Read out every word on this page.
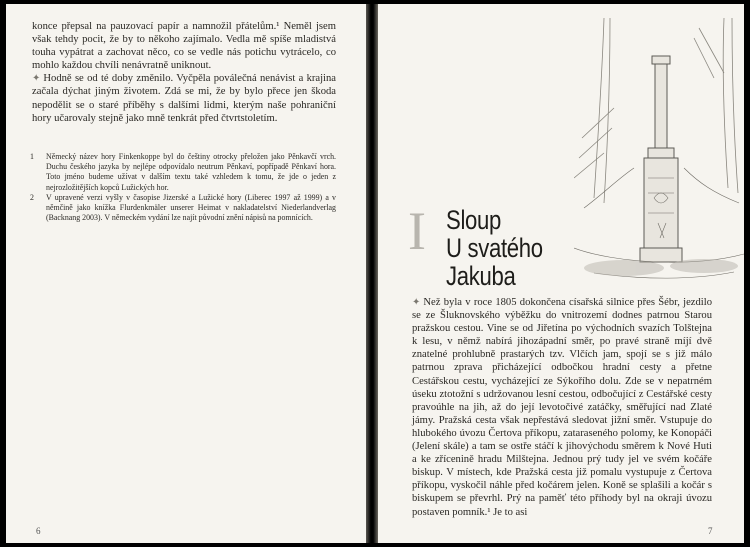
konce přepsal na pauzovací papír a namnožil přátelům.¹ Neměl jsem však tehdy pocit, že by to někoho zajímalo. Vedla mě spíše mladistvá touha vypátrat a zachovat něco, co se vedle nás potichu vytrácelo, co mohlo každou chvíli nenávratně uniknout.

✦ Hodně se od té doby změnilo. Vyčpěla poválečná nenávist a krajina začala dýchat jiným životem. Zdá se mi, že by bylo přece jen škoda nepodělit se o staré příběhy s dalšími lidmi, kterým naše pohraniční hory učarovaly stejně jako mně tenkrát před čtvrtstoletím.

1	Německý název hory Finkenkoppe byl do češtiny otrocky přeložen jako Pěnkavčí vrch. Duchu českého jazyka by nejlépe odpovídalo neutrum Pěnkaví, popřípadě Pěnkaví hora. Toto jméno budeme užívat v dalším textu také vzhledem k tomu, že jde o jeden z nejrozložitějších kopců Lužických hor.
2	V upravené verzi vyšly v časopise Jizerské a Lužické hory (Liberec 1997 až 1999) a v němčině jako knížka Flurdenkmäler unserer Heimat v nakladatelství Niederlandverlag (Backnang 2003). V německém vydání lze najít původní znění nápisů na pomnících.
6
I Sloup
U svatého
Jakuba

✦ Než byla v roce 1805 dokončena císařská silnice přes Šébr, jezdilo se ze Šluknovského výběžku do vnitrozemí dodnes patrnou Starou pražskou cestou. Vine se od Jiřetína po východních svazích Tolštejna k lesu, v němž nabírá jihozápadní směr, po pravé straně míjí dvě znatelné prohlubně prastarých tzv. Vlčích jam, spojí se s již málo patrnou zprava přicházející odbočkou hradní cesty a přetne Cestářskou cestu, vycházející ze Sýkořího dolu. Zde se v nepatrném úseku ztotožní s udržovanou lesní cestou, odbočující z Cestářské cesty pravoúhle na jih, až do její levotočivé zatáčky, směřující nad Zlaté jámy. Pražská cesta však nepřestává sledovat jižní směr. Vstupuje do hlubokého úvozu Čertova příkopu, zataraseného polomy, ke Konopáči (Jelení skále) a tam se ostře stáčí k jihovýchodu směrem k Nové Huti a ke zřícenině hradu Milštejna. Jednou prý tudy jel ve svém kočáře biskup. V místech, kde Pražská cesta již pomalu vystupuje z Čertova příkopu, vyskočil náhle před kočárem jelen. Koně se splašili a kočár s biskupem se převrhl. Prý na paměť této příhody byl na okraji úvozu postaven pomník.¹ Je to asi

7
